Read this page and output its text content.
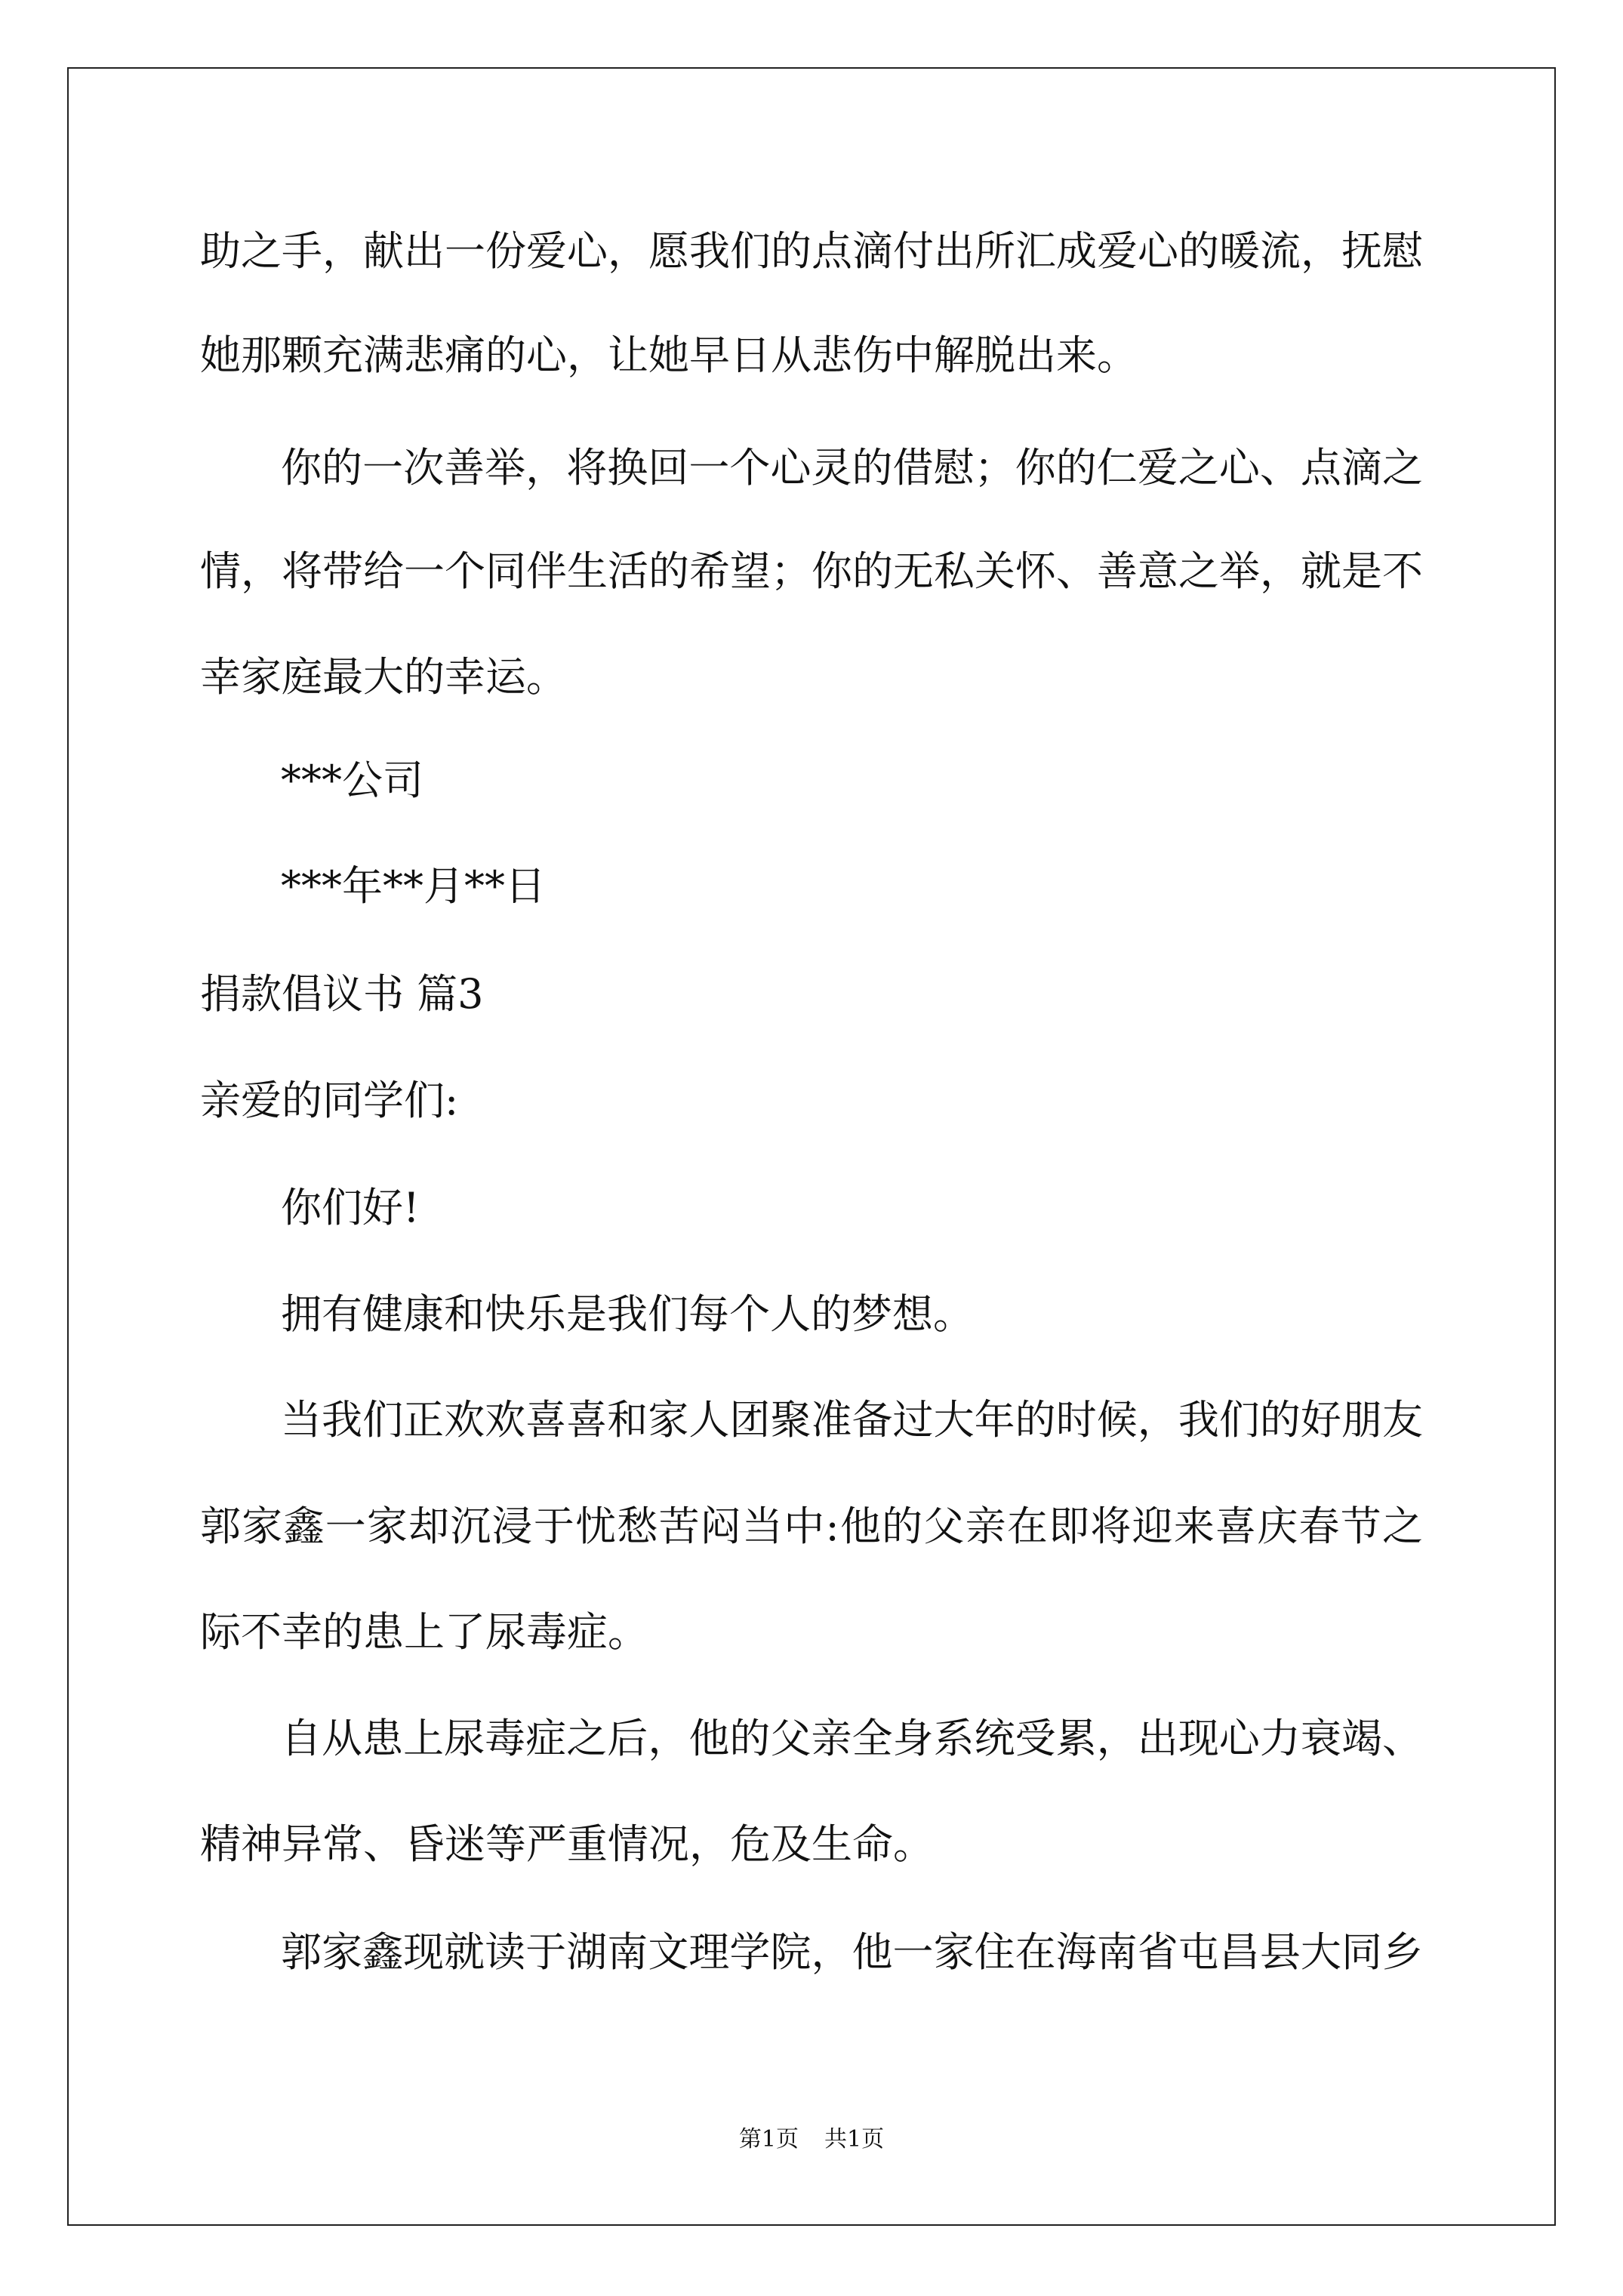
助之手，献出一份爱心，愿我们的点滴付出所汇成爱心的暖流，抚慰
她那颗充满悲痛的心，让她早日从悲伤中解脱出来。
你的一次善举，将换回一个心灵的借慰；你的仁爱之心、点滴之
情，将带给一个同伴生活的希望；你的无私关怀、善意之举，就是不
幸家庭最大的幸运。
***公司
***年**月**日
捐款倡议书 篇3
亲爱的同学们:
你们好!
拥有健康和快乐是我们每个人的梦想。
当我们正欢欢喜喜和家人团聚准备过大年的时候，我们的好朋友
郭家鑫一家却沉浸于忧愁苦闷当中:他的父亲在即将迎来喜庆春节之
际不幸的患上了尿毒症。
自从患上尿毒症之后，他的父亲全身系统受累，出现心力衰竭、
精神异常、昏迷等严重情况，危及生命。
郭家鑫现就读于湖南文理学院，他一家住在海南省屯昌县大同乡
第1页 共1页
